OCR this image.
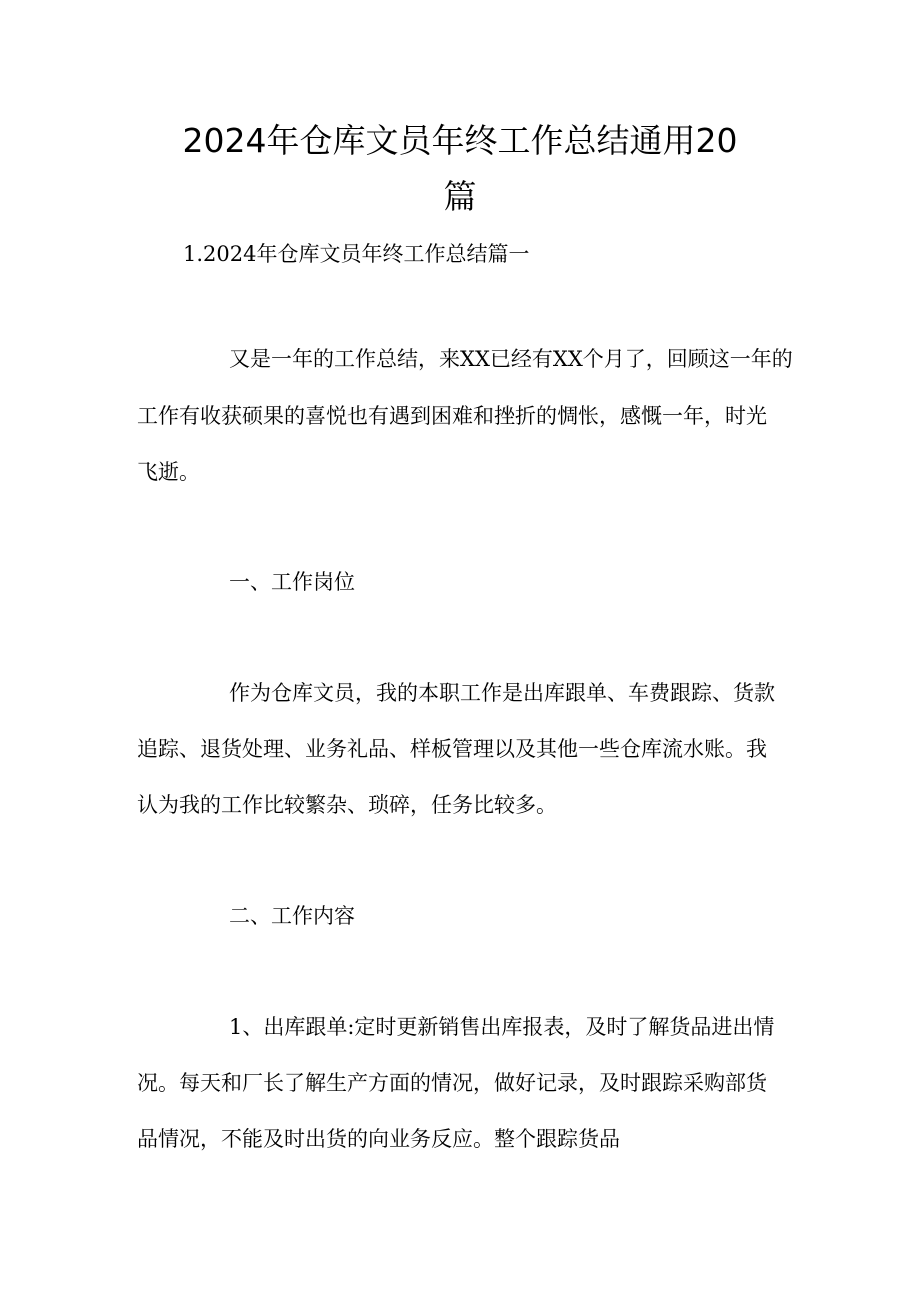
2024年仓库文员年终工作总结通用20
篇
1.2024年仓库文员年终工作总结篇一
又是一年的工作总结，来XX已经有XX个月了，回顾这一年的
工作有收获硕果的喜悦也有遇到困难和挫折的惆怅，感慨一年，时光
飞逝。
一、工作岗位
作为仓库文员，我的本职工作是出库跟单、车费跟踪、货款
追踪、退货处理、业务礼品、样板管理以及其他一些仓库流水账。我
认为我的工作比较繁杂、琐碎，任务比较多。
二、工作内容
1、出库跟单:定时更新销售出库报表，及时了解货品进出情
况。每天和厂长了解生产方面的情况，做好记录，及时跟踪采购部货
品情况，不能及时出货的向业务反应。整个跟踪货品
